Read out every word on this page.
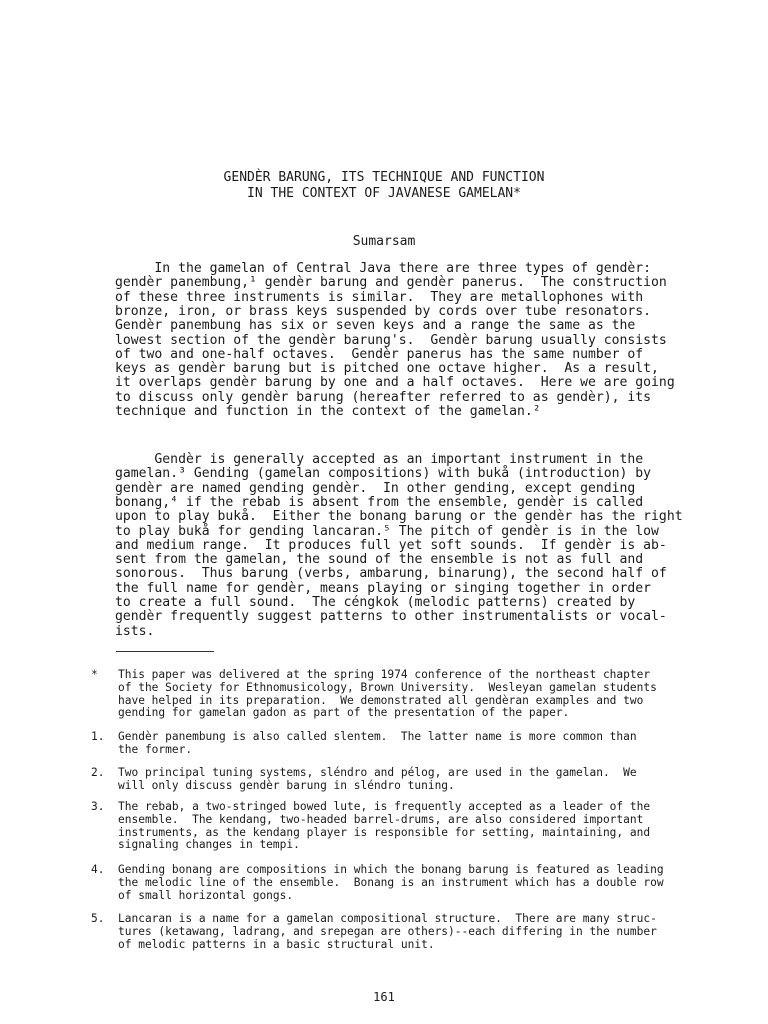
GENDÈR BARUNG, ITS TECHNIQUE AND FUNCTION
IN THE CONTEXT OF JAVANESE GAMELAN*
Sumarsam
In the gamelan of Central Java there are three types of gendèr:
gendèr panembung,¹ gendèr barung and gendèr panerus.  The construction
of these three instruments is similar.  They are metallophones with
bronze, iron, or brass keys suspended by cords over tube resonators.
Gendèr panembung has six or seven keys and a range the same as the
lowest section of the gendèr barung's.  Gendèr barung usually consists
of two and one-half octaves.  Gendèr panerus has the same number of
keys as gendèr barung but is pitched one octave higher.  As a result,
it overlaps gendèr barung by one and a half octaves.  Here we are going
to discuss only gendèr barung (hereafter referred to as gendèr), its
technique and function in the context of the gamelan.²
Gendèr is generally accepted as an important instrument in the
gamelan.³ Gending (gamelan compositions) with bukå (introduction) by
gendèr are named gending gendèr.  In other gending, except gending
bonang,⁴ if the rebab is absent from the ensemble, gendèr is called
upon to play bukå.  Either the bonang barung or the gendèr has the right
to play bukå for gending lancaran.⁵ The pitch of gendèr is in the low
and medium range.  It produces full yet soft sounds.  If gendèr is ab-
sent from the gamelan, the sound of the ensemble is not as full and
sonorous.  Thus barung (verbs, ambarung, binarung), the second half of
the full name for gendèr, means playing or singing together in order
to create a full sound.  The céngkok (melodic patterns) created by
gendèr frequently suggest patterns to other instrumentalists or vocal-
ists.
* This paper was delivered at the spring 1974 conference of the northeast chapter
of the Society for Ethnomusicology, Brown University.  Wesleyan gamelan students
have helped in its preparation.  We demonstrated all gendèran examples and two
gending for gamelan gadon as part of the presentation of the paper.
1. Gendèr panembung is also called slentem.  The latter name is more common than
the former.
2. Two principal tuning systems, sléndro and pélog, are used in the gamelan.  We
will only discuss gendèr barung in sléndro tuning.
3. The rebab, a two-stringed bowed lute, is frequently accepted as a leader of the
ensemble.  The kendang, two-headed barrel-drums, are also considered important
instruments, as the kendang player is responsible for setting, maintaining, and
signaling changes in tempi.
4. Gending bonang are compositions in which the bonang barung is featured as leading
the melodic line of the ensemble.  Bonang is an instrument which has a double row
of small horizontal gongs.
5. Lancaran is a name for a gamelan compositional structure.  There are many struc-
tures (ketawang, ladrang, and srepegan are others)--each differing in the number
of melodic patterns in a basic structural unit.
161
